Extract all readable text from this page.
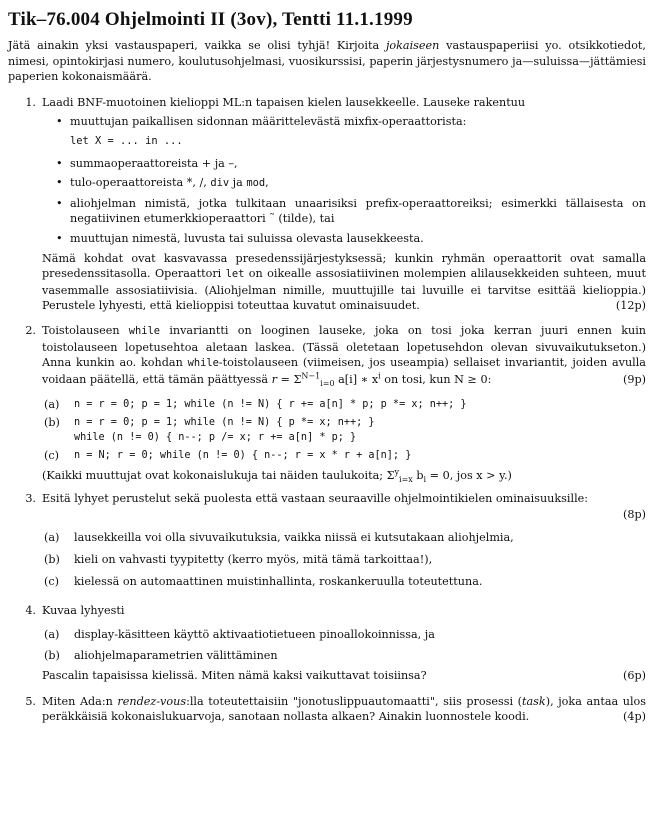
Tik–76.004 Ohjelmointi II (3ov), Tentti 11.1.1999

Jätä ainakin yksi vastauspaperi, vaikka se olisi tyhjä! Kirjoita jokaiseen vastauspaperiisi yo. otsikkotiedot, nimesi, opintokirjasi numero, koulutusohjelmasi, vuosikurssisi, paperin järjestysnumero ja—suluissa—jättämiesi paperien kokonaismäärä.

1. Laadi BNF-muotoinen kielioppi ML:n tapaisen kielen lausekkeelle. Lauseke rakentuu

• muuttujan paikallisen sidonnan määrittelevästä mixfix-operaattorista:
let X = ... in ...
• summaoperaattoreista + ja –,
• tulo-operaattoreista *, /, div ja mod,
• aliohjelman nimistä, jotka tulkitaan unaarisiksi prefix-operaattoreiksi; esimerkki tällaisesta on negatiivinen etumerkkioperaattori ˜ (tilde), tai
• muuttujan nimestä, luvusta tai suluissa olevasta lausekkeesta.

Nämä kohdat ovat kasvavassa presedenssijärjestyksessä; kunkin ryhmän operaattorit ovat samalla presedenssitasolla. Operaattori let on oikealle assosiatiivinen molempien alilausekkeiden suhteen, muut vasemmalle assosiatiivisia. (Aliohjelman nimille, muuttujille tai luvuille ei tarvitse esittää kielioppia.) Perustele lyhyesti, että kielioppisi toteuttaa kuvatut ominaisuudet.	(12p)

2. Toistolauseen while invariantti on looginen lauseke, joka on tosi joka kerran juuri ennen kuin toistolauseen lopetusehtoa aletaan laskea. (Tässä oletetaan lopetusehdon olevan sivuvaikutukseton.) Anna kunkin ao. kohdan while-toistolauseen (viimeisen, jos useampia) sellaiset invariantit, joiden avulla voidaan päätellä, että tämän päättyessä $r = \Sigma^{N-1}_{i=0}$ a[i] ∗ $x^i$ on tosi, kun N ≥ 0:	(9p)

(a)	n = r = 0; p = 1; while (n != N) { r += a[n] * p; p *= x; n++; }
(b)	n = r = 0; p = 1; while (n != N) { p *= x; n++; }
while (n != 0) { n--; p /= x; r += a[n] * p; }
(c)	n = N; r = 0; while (n != 0) { n--; r = x * r + a[n]; }

(Kaikki muuttujat ovat kokonaislukuja tai näiden taulukoita; $\Sigma^y_{i=x}$ $b_i = 0$, jos x > y.)

3. Esitä lyhyet perustelut sekä puolesta että vastaan seuraaville ohjelmointikielen ominaisuuksille:

(8p)
(a)	lausekkeilla voi olla sivuvaikutuksia, vaikka niissä ei kutsutakaan aliohjelmia,
(b)	kieli on vahvasti tyypitetty (kerro myös, mitä tämä tarkoittaa!),
(c)	kielessä on automaattinen muistinhallinta, roskankeruulla toteutettuna.
4. Kuvaa lyhyesti

(a)	display-käsitteen käyttö aktivaatiotietueen pinoallokoinnissa, ja
(b)	aliohjelmaparametrien välittäminen

Pascalin tapaisissa kielissä. Miten nämä kaksi vaikuttavat toisiinsa?	(6p)

5. Miten Ada:n rendez-vous:lla toteutettaisiin "jonotuslippuautomaatti", siis prosessi (task), joka antaa ulos peräkkäisiä kokonaislukuarvoja, sanotaan nollasta alkaen? Ainakin luonnostele koodi.	(4p)
